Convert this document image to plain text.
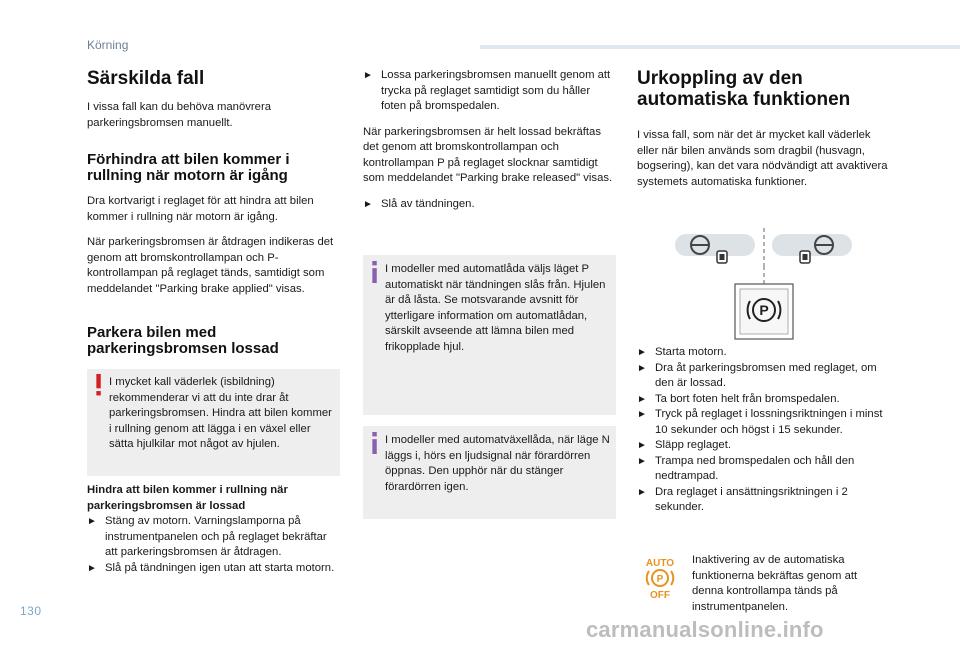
Körning
Särskilda fall

I vissa fall kan du behöva manövrera parkeringsbromsen manuellt.

Förhindra att bilen kommer i rullning när motorn är igång

Dra kortvarigt i reglaget för att hindra att bilen kommer i rullning när motorn är igång.

När parkeringsbromsen är åtdragen indikeras det genom att bromskontrollampan och P-kontrollampan på reglaget tänds, samtidigt som meddelandet "Parking brake applied" visas.

Parkera bilen med parkeringsbromsen lossad

I mycket kall väderlek (isbildning) rekommenderar vi att du inte drar åt parkeringsbromsen. Hindra att bilen kommer i rullning genom att lägga i en växel eller sätta hjulkilar mot något av hjulen.

Hindra att bilen kommer i rullning när parkeringsbromsen är lossad

► Stäng av motorn. Varningslamporna på instrumentpanelen och på reglaget bekräftar att parkeringsbromsen är åtdragen.
► Slå på tändningen igen utan att starta motorn.
► Lossa parkeringsbromsen manuellt genom att trycka på reglaget samtidigt som du håller foten på bromspedalen.

När parkeringsbromsen är helt lossad bekräftas det genom att bromskontrollampan och kontrollampan P på reglaget slocknar samtidigt som meddelandet "Parking brake released" visas.

► Slå av tändningen.

I modeller med automatlåda väljs läget P automatiskt när tändningen slås från. Hjulen är då låsta. Se motsvarande avsnitt för ytterligare information om automatlådan, särskilt avseende att lämna bilen med frikopplade hjul.

I modeller med automatväxellåda, när läge N läggs i, hörs en ljudsignal när förardörren öppnas. Den upphör när du stänger förardörren igen.

Urkoppling av den automatiska funktionen

I vissa fall, som när det är mycket kall väderlek eller när bilen används som dragbil (husvagn, bogsering), kan det vara nödvändigt att avaktivera systemets automatiska funktioner.

P
► Starta motorn.
► Dra åt parkeringsbromsen med reglaget, om den är lossad.
► Ta bort foten helt från bromspedalen.
► Tryck på reglaget i lossningsriktningen i minst 10 sekunder och högst i 15 sekunder.
► Släpp reglaget.
► Trampa ned bromspedalen och håll den nedtrampad.
► Dra reglaget i ansättningsriktningen i 2 sekunder.
AUTO
P
OFF

Inaktivering av de automatiska funktionerna bekräftas genom att denna kontrollampa tänds på instrumentpanelen.

130
carmanualsonline.info
